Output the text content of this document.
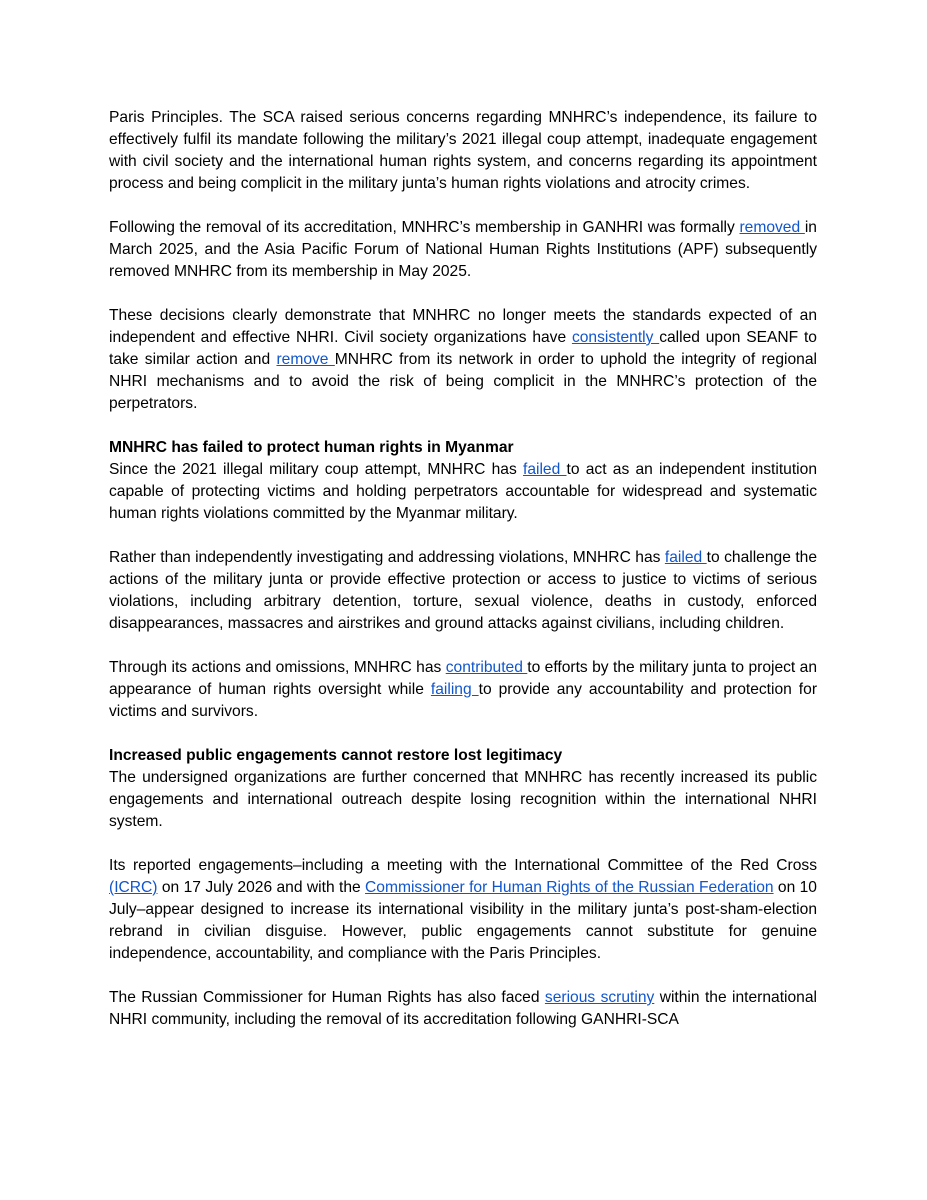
Paris Principles. The SCA raised serious concerns regarding MNHRC’s independence, its failure to effectively fulfil its mandate following the military’s 2021 illegal coup attempt, inadequate engagement with civil society and the international human rights system, and concerns regarding its appointment process and being complicit in the military junta’s human rights violations and atrocity crimes.

Following the removal of its accreditation, MNHRC’s membership in GANHRI was formally removed in March 2025, and the Asia Pacific Forum of National Human Rights Institutions (APF) subsequently removed MNHRC from its membership in May 2025.

These decisions clearly demonstrate that MNHRC no longer meets the standards expected of an independent and effective NHRI. Civil society organizations have consistently called upon SEANF to take similar action and remove MNHRC from its network in order to uphold the integrity of regional NHRI mechanisms and to avoid the risk of being complicit in the MNHRC’s protection of the perpetrators.

MNHRC has failed to protect human rights in Myanmar

Since the 2021 illegal military coup attempt, MNHRC has failed to act as an independent institution capable of protecting victims and holding perpetrators accountable for widespread and systematic human rights violations committed by the Myanmar military.

Rather than independently investigating and addressing violations, MNHRC has failed to challenge the actions of the military junta or provide effective protection or access to justice to victims of serious violations, including arbitrary detention, torture, sexual violence, deaths in custody, enforced disappearances, massacres and airstrikes and ground attacks against civilians, including children.

Through its actions and omissions, MNHRC has contributed to efforts by the military junta to project an appearance of human rights oversight while failing to provide any accountability and protection for victims and survivors.

Increased public engagements cannot restore lost legitimacy

The undersigned organizations are further concerned that MNHRC has recently increased its public engagements and international outreach despite losing recognition within the international NHRI system.

Its reported engagements–including a meeting with the International Committee of the Red Cross (ICRC) on 17 July 2026 and with the Commissioner for Human Rights of the Russian Federation on 10 July–appear designed to increase its international visibility in the military junta’s post-sham-election rebrand in civilian disguise. However, public engagements cannot substitute for genuine independence, accountability, and compliance with the Paris Principles.

The Russian Commissioner for Human Rights has also faced serious scrutiny within the international NHRI community, including the removal of its accreditation following GANHRI-SCA
